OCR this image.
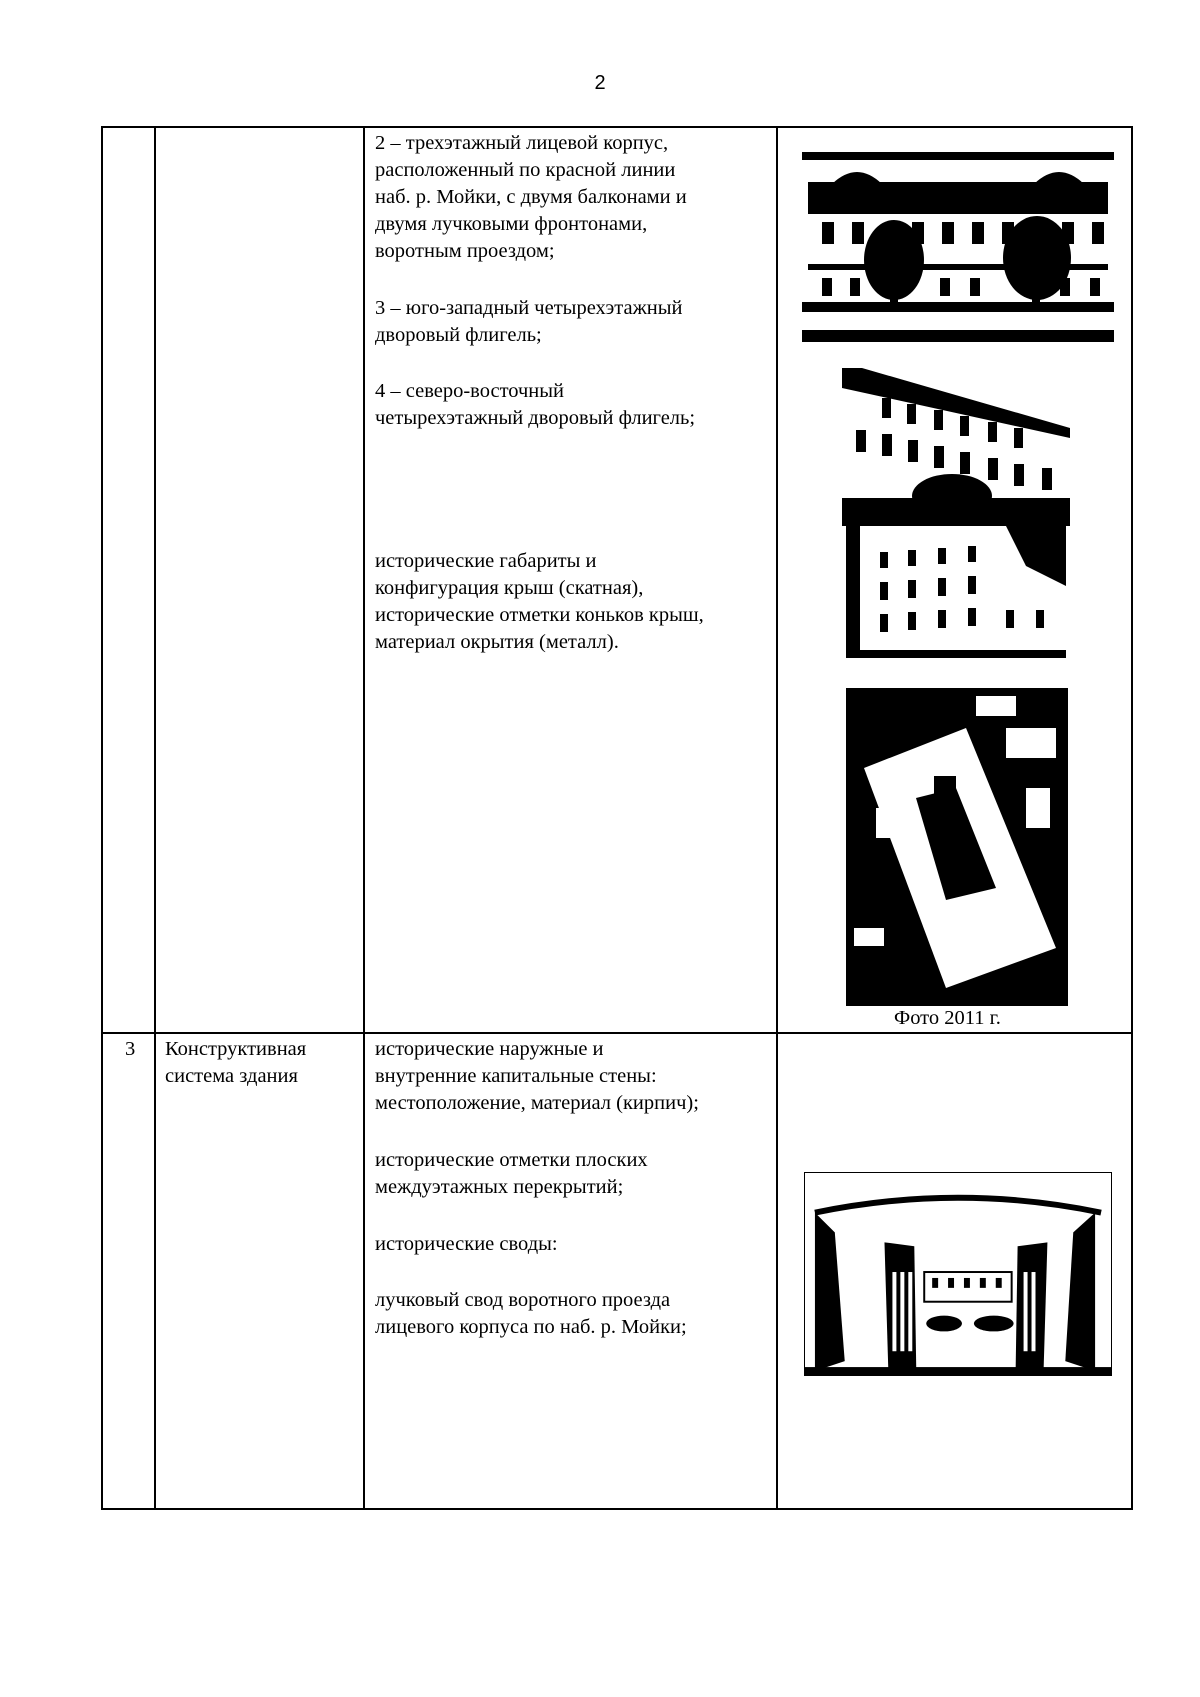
2
2 – трехэтажный лицевой корпус,
расположенный по красной линии
наб. р. Мойки, с двумя балконами и
двумя лучковыми фронтонами,
воротным проездом;
3 – юго-западный четырехэтажный
дворовый флигель;
4 – северо-восточный
четырехэтажный дворовый флигель;
исторические габариты и
конфигурация крыш (скатная),
исторические отметки коньков крыш,
материал окрытия (металл).
Фото 2011 г.
3 Конструктивная
система здания
исторические наружные и
внутренние капитальные стены:
местоположение, материал (кирпич);
исторические отметки плоских
междуэтажных перекрытий;
исторические своды:
лучковый свод воротного проезда
лицевого корпуса по наб. р. Мойки;
